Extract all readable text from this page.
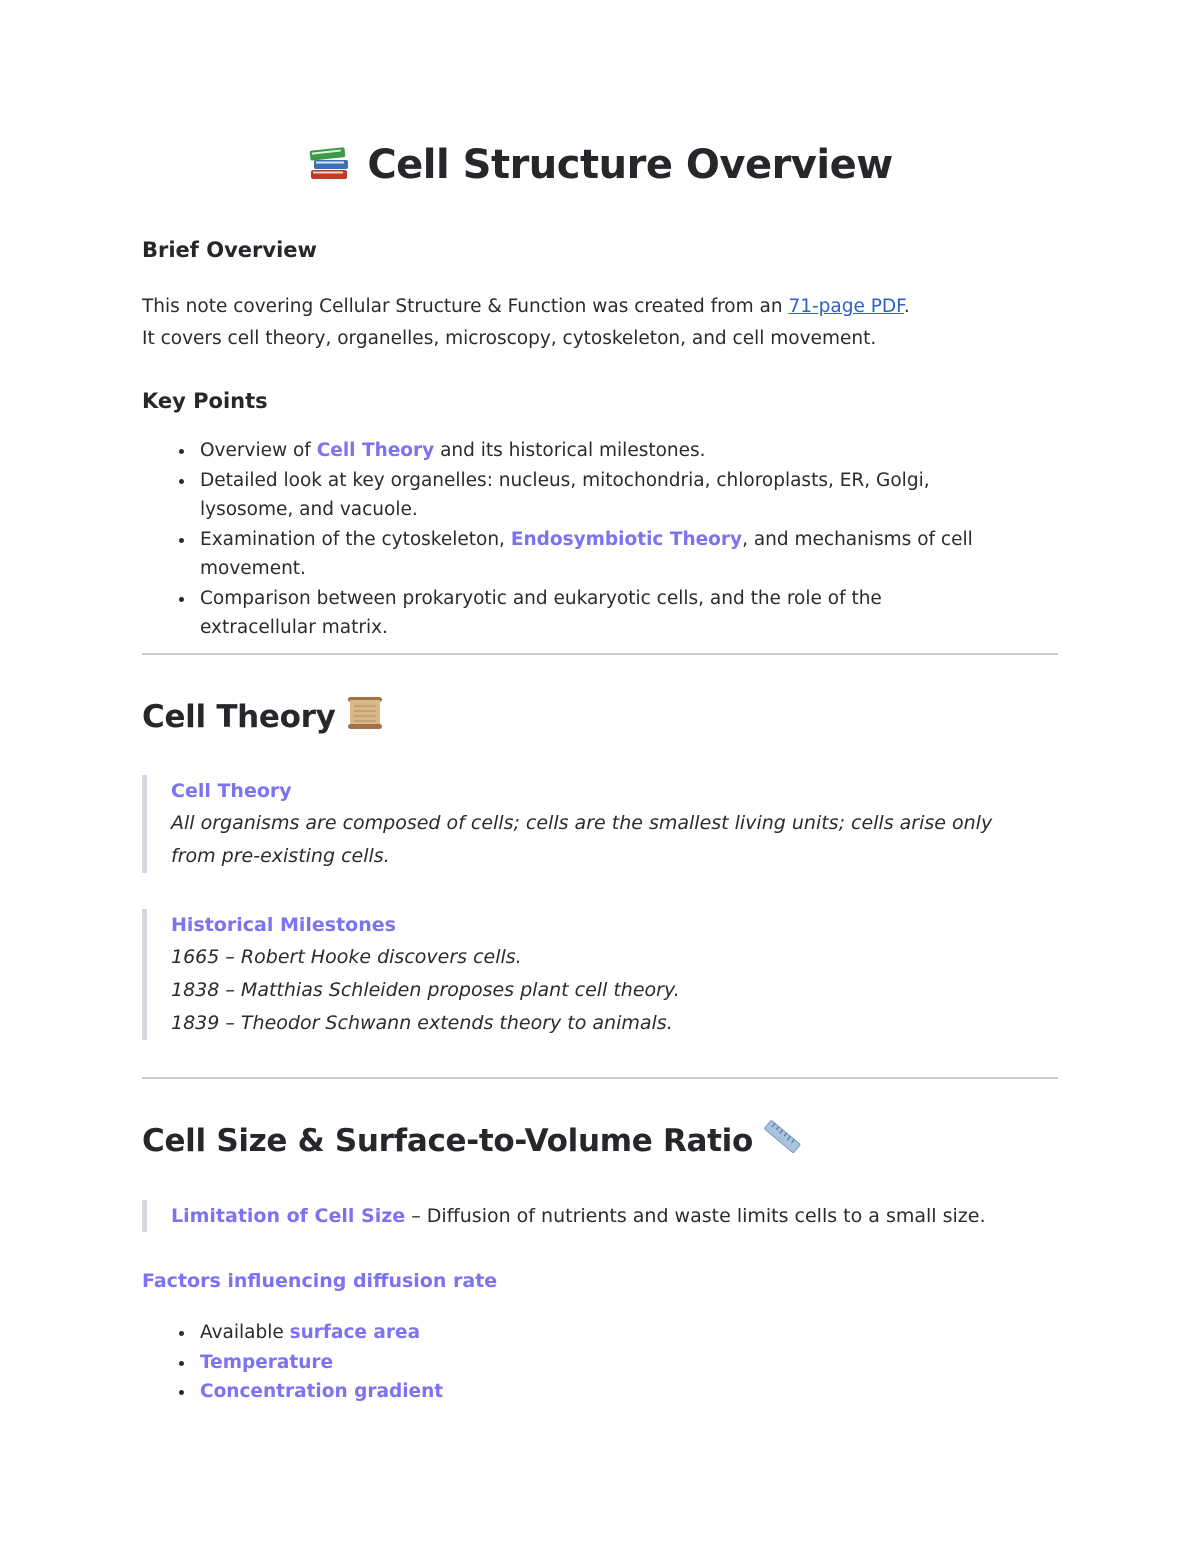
Cell Structure Overview
Brief Overview
This note covering Cellular Structure & Function was created from an 71-page PDF.
It covers cell theory, organelles, microscopy, cytoskeleton, and cell movement.
Key Points
Overview of Cell Theory and its historical milestones.
Detailed look at key organelles: nucleus, mitochondria, chloroplasts, ER, Golgi, lysosome, and vacuole.
Examination of the cytoskeleton, Endosymbiotic Theory, and mechanisms of cell movement.
Comparison between prokaryotic and eukaryotic cells, and the role of the extracellular matrix.
Cell Theory
Cell Theory
All organisms are composed of cells; cells are the smallest living units; cells arise only from pre-existing cells.
Historical Milestones
1665 – Robert Hooke discovers cells.
1838 – Matthias Schleiden proposes plant cell theory.
1839 – Theodor Schwann extends theory to animals.
Cell Size & Surface-to-Volume Ratio
Limitation of Cell Size – Diffusion of nutrients and waste limits cells to a small size.
Factors influencing diffusion rate
Available surface area
Temperature
Concentration gradient
